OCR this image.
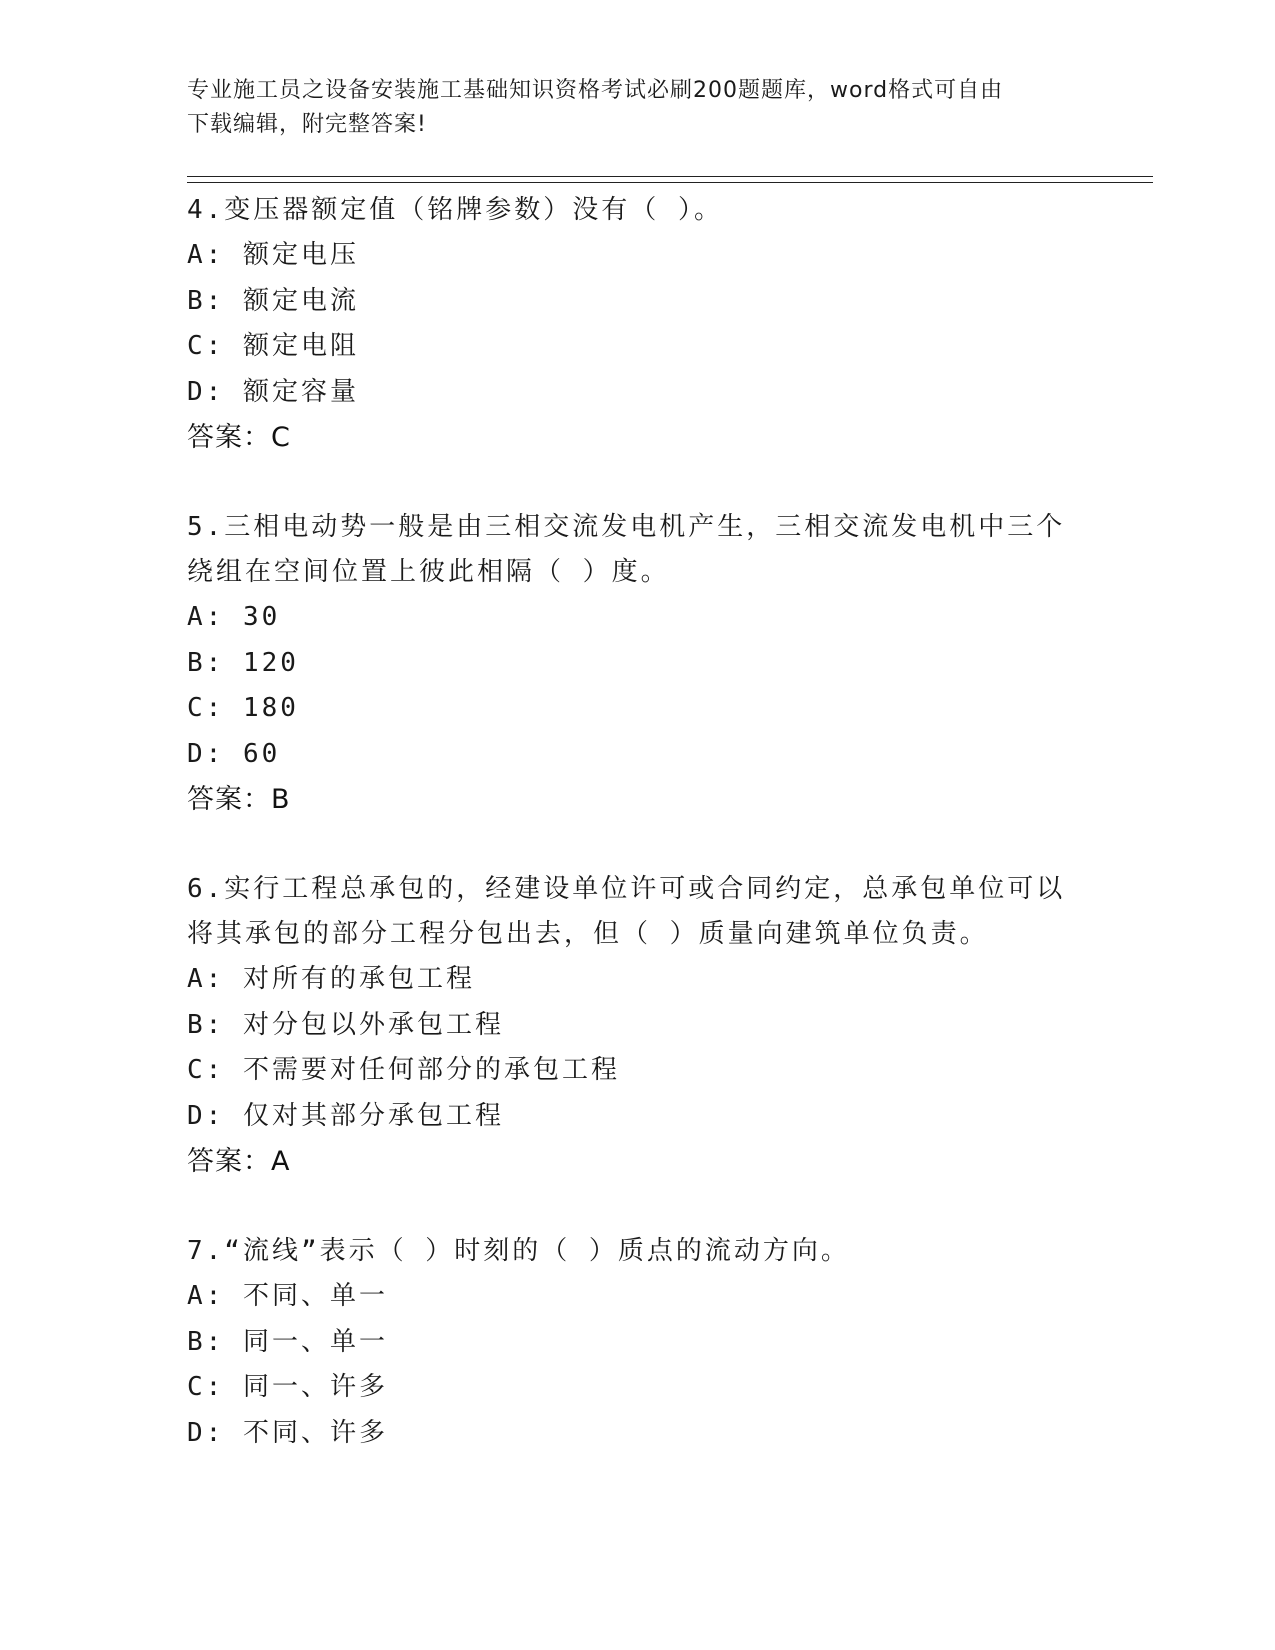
专业施工员之设备安装施工基础知识资格考试必刷200题题库，word格式可自由
下载编辑，附完整答案!
4.变压器额定值（铭牌参数）没有（ ）。
A: 额定电压
B: 额定电流
C: 额定电阻
D: 额定容量
答案：C
5.三相电动势一般是由三相交流发电机产生，三相交流发电机中三个
绕组在空间位置上彼此相隔（ ）度。
A: 30
B: 120
C: 180
D: 60
答案：B
6.实行工程总承包的，经建设单位许可或合同约定，总承包单位可以
将其承包的部分工程分包出去，但（ ）质量向建筑单位负责。
A: 对所有的承包工程
B: 对分包以外承包工程
C: 不需要对任何部分的承包工程
D: 仅对其部分承包工程
答案：A
7.“流线”表示（ ）时刻的（ ）质点的流动方向。
A: 不同、单一
B: 同一、单一
C: 同一、许多
D: 不同、许多
